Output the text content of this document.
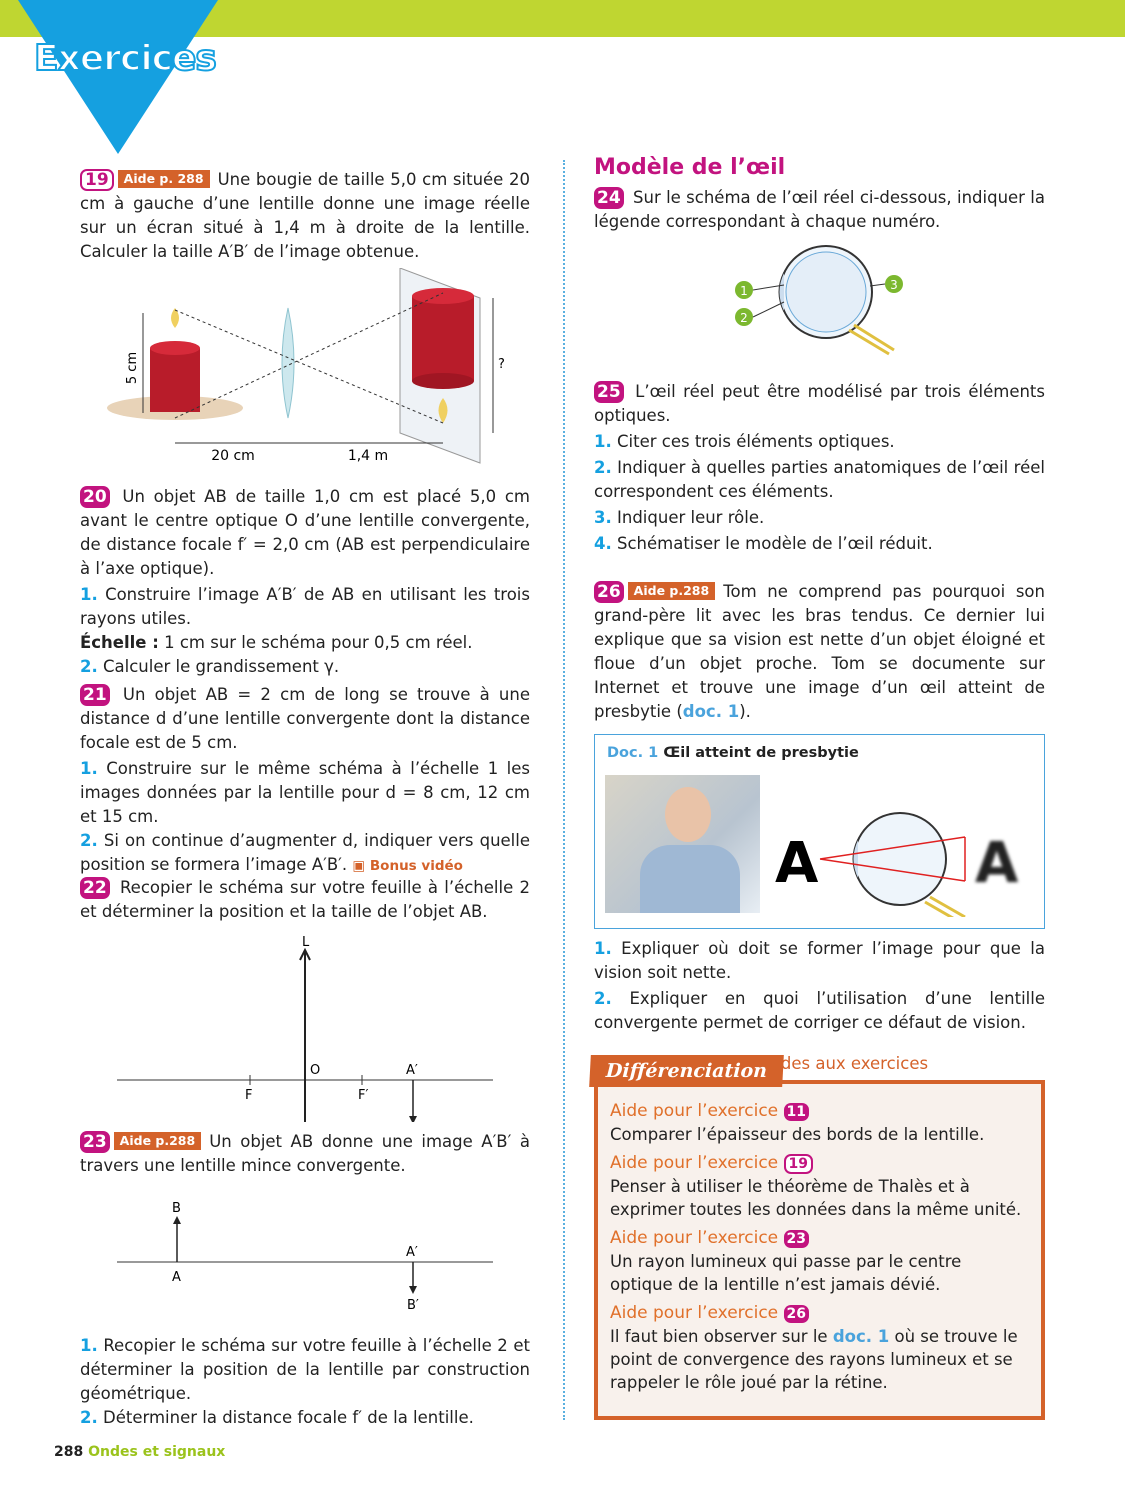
Exercices

19 Aide p. 288 Une bougie de taille 5,0 cm située 20 cm à gauche d’une lentille donne une image réelle sur un écran situé à 1,4 m à droite de la lentille. Calculer la taille A′B′ de l’image obtenue.

5 cm	?
20 cm	1,4 m

20 Un objet AB de taille 1,0 cm est placé 5,0 cm avant le centre optique O d’une lentille convergente, de distance focale f′ = 2,0 cm (AB est perpendiculaire à l’axe optique).

1. Construire l’image A′B′ de AB en utilisant les trois rayons utiles.

Échelle : 1 cm sur le schéma pour 0,5 cm réel.

2. Calculer le grandissement γ.

21 Un objet AB = 2 cm de long se trouve à une distance d d’une lentille convergente dont la distance focale est de 5 cm.

1. Construire sur le même schéma à l’échelle 1 les images données par la lentille pour d = 8 cm, 12 cm et 15 cm.

2. Si on continue d’augmenter d, indiquer vers quelle position se formera l’image A′B′. ▣ Bonus vidéo

22 Recopier le schéma sur votre feuille à l’échelle 2 et déterminer la position et la taille de l’objet AB.

L
O
F	F′
A′

23 Aide p.288 Un objet AB donne une image A′B′ à travers une lentille mince convergente.

B
A
A′
B′

1. Recopier le schéma sur votre feuille à l’échelle 2 et déterminer la position de la lentille par construction géométrique.

2. Déterminer la distance focale f′ de la lentille.

Modèle de l’œil

24 Sur le schéma de l’œil réel ci-dessous, indiquer la légende correspondant à chaque numéro.

1
2
3

25 L’œil réel peut être modélisé par trois éléments optiques.

1. Citer ces trois éléments optiques.

2. Indiquer à quelles parties anatomiques de l’œil réel correspondent ces éléments.

3. Indiquer leur rôle.

4. Schématiser le modèle de l’œil réduit.

26 Aide p.288 Tom ne comprend pas pourquoi son grand-père lit avec les bras tendus. Ce dernier lui explique que sa vision est nette d’un objet éloigné et floue d’un objet proche. Tom se documente sur Internet et trouve une image d’un œil atteint de presbytie (doc. 1).

Doc. 1 Œil atteint de presbytie
A	A

1. Expliquer où doit se former l’image pour que la vision soit nette.

2. Expliquer en quoi l’utilisation d’une lentille convergente permet de corriger ce défaut de vision.

Aide pour l’exercice 11

Comparer l’épaisseur des bords de la lentille.

Aide pour l’exercice 19

Penser à utiliser le théorème de Thalès et à exprimer toutes les données dans la même unité.

Aide pour l’exercice 23

Un rayon lumineux qui passe par le centre optique de la lentille n’est jamais dévié.

Aide pour l’exercice 26

Il faut bien observer sur le doc. 1 où se trouve le point de convergence des rayons lumineux et se rappeler le rôle joué par la rétine.

Différenciation
Aides aux exercices
288 Ondes et signaux
